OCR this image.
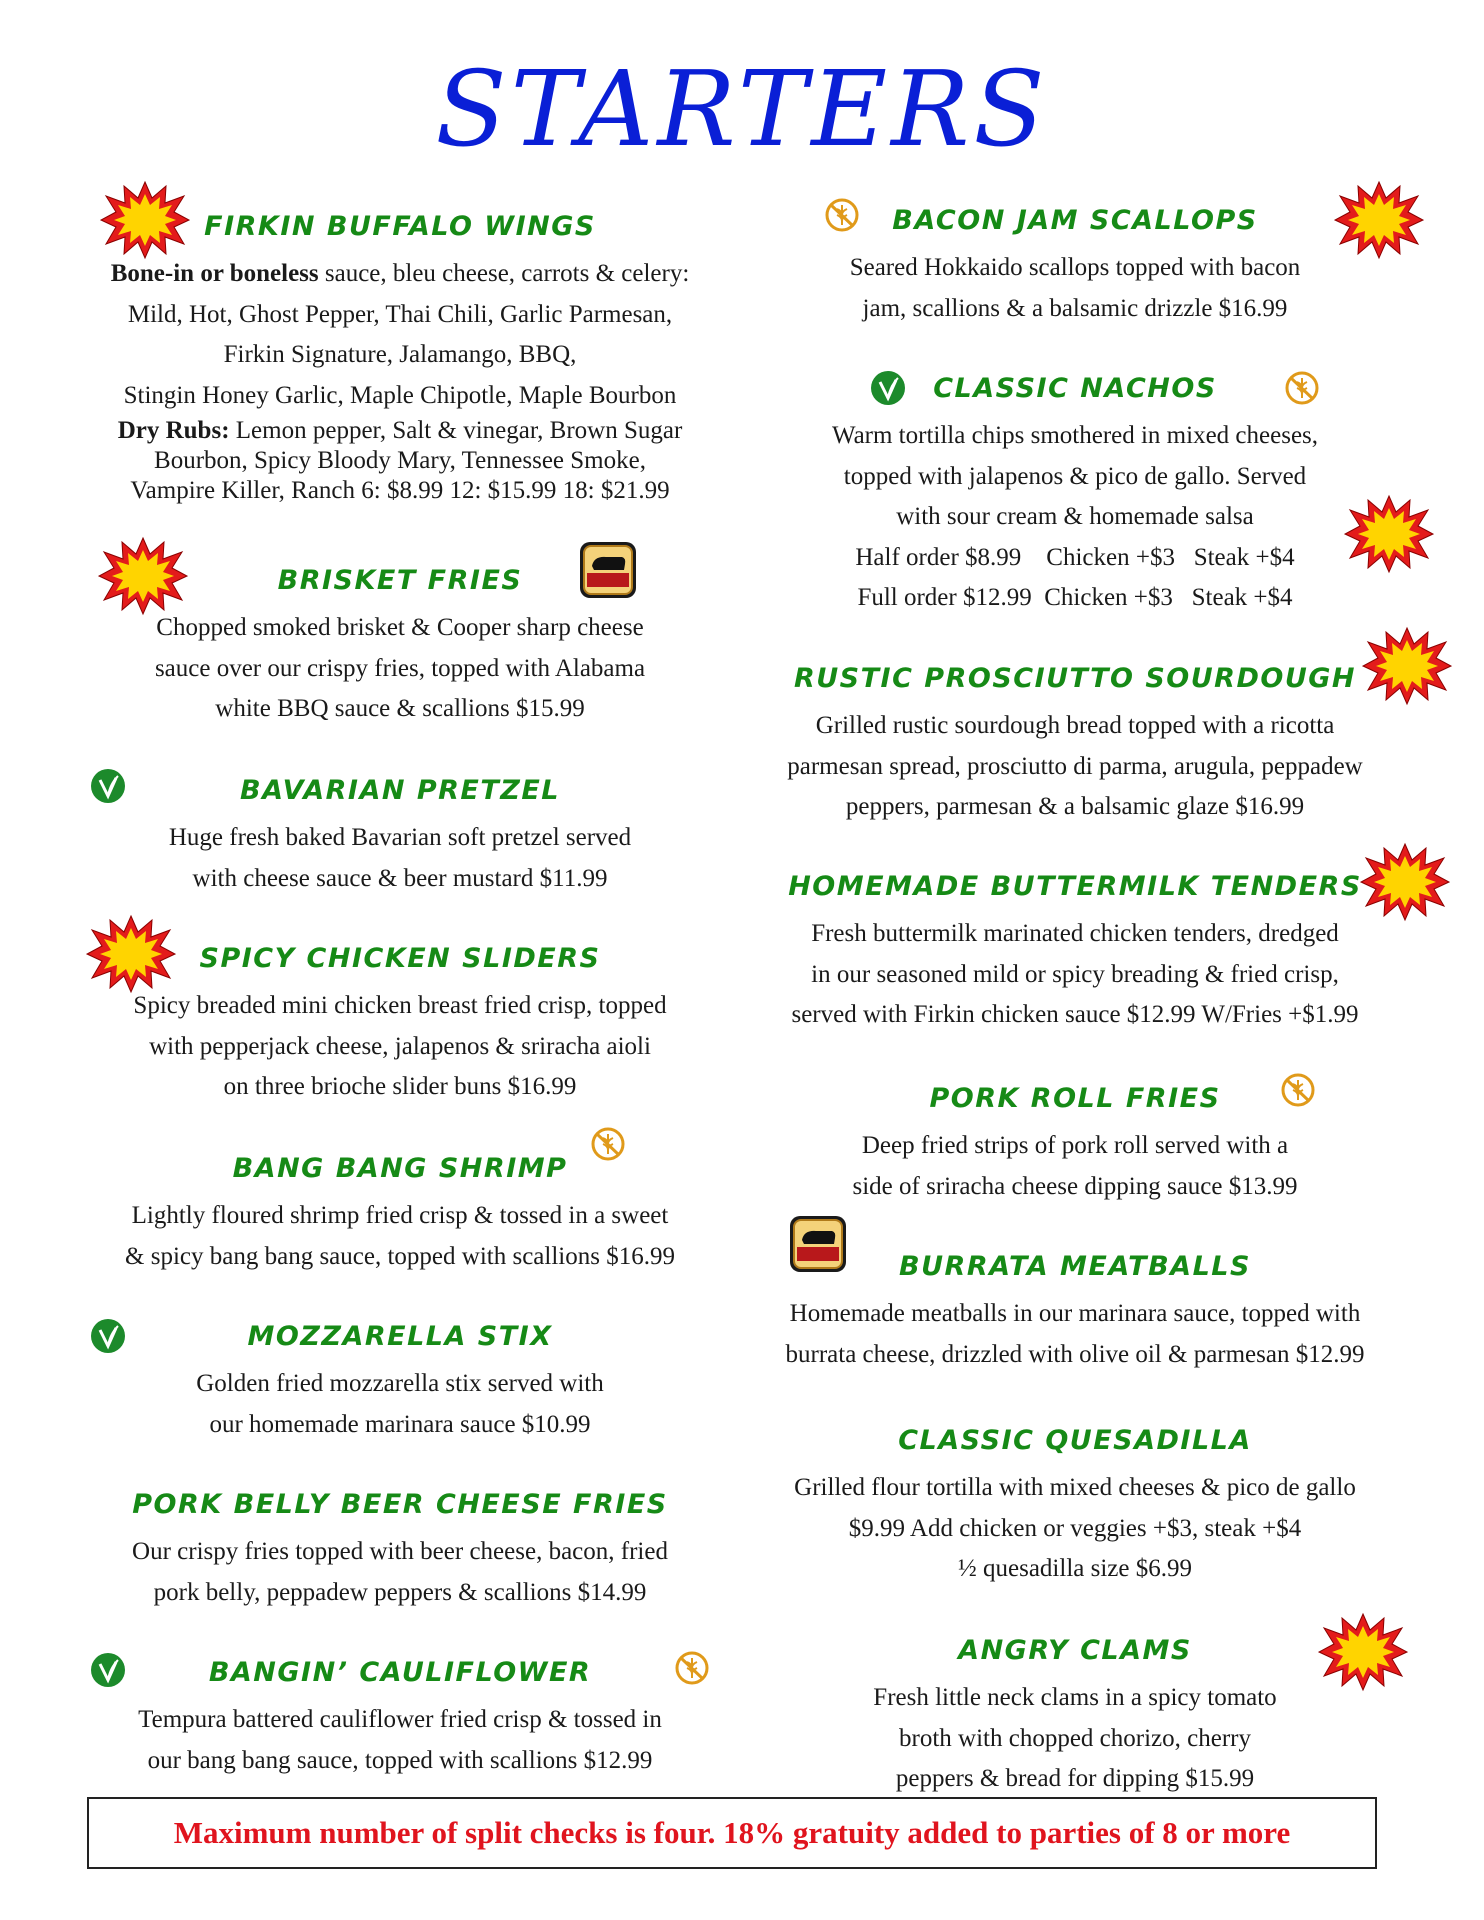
STARTERS
FIRKIN BUFFALO WINGS
Bone-in or boneless sauce, bleu cheese, carrots & celery:
Mild, Hot, Ghost Pepper, Thai Chili, Garlic Parmesan,
Firkin Signature, Jalamango, BBQ,
Stingin Honey Garlic, Maple Chipotle, Maple Bourbon
Dry Rubs: Lemon pepper, Salt & vinegar, Brown Sugar
Bourbon, Spicy Bloody Mary, Tennessee Smoke,
Vampire Killer, Ranch 6: $8.99 12: $15.99 18: $21.99
BRISKET FRIES
Chopped smoked brisket & Cooper sharp cheese
sauce over our crispy fries, topped with Alabama
white BBQ sauce & scallions $15.99
BAVARIAN PRETZEL
Huge fresh baked Bavarian soft pretzel served
with cheese sauce & beer mustard $11.99
SPICY CHICKEN SLIDERS
Spicy breaded mini chicken breast fried crisp, topped
with pepperjack cheese, jalapenos & sriracha aioli
on three brioche slider buns $16.99
BANG BANG SHRIMP
Lightly floured shrimp fried crisp & tossed in a sweet
& spicy bang bang sauce, topped with scallions $16.99
MOZZARELLA STIX
Golden fried mozzarella stix served with
our homemade marinara sauce $10.99
PORK BELLY BEER CHEESE FRIES
Our crispy fries topped with beer cheese, bacon, fried
pork belly, peppadew peppers & scallions $14.99
BANGIN’ CAULIFLOWER
Tempura battered cauliflower fried crisp & tossed in
our bang bang sauce, topped with scallions $12.99
BACON JAM SCALLOPS
Seared Hokkaido scallops topped with bacon
jam, scallions & a balsamic drizzle $16.99
CLASSIC NACHOS
Warm tortilla chips smothered in mixed cheeses,
topped with jalapenos & pico de gallo. Served
with sour cream & homemade salsa
Half order $8.99    Chicken +$3   Steak +$4
Full order $12.99  Chicken +$3   Steak +$4
RUSTIC PROSCIUTTO SOURDOUGH
Grilled rustic sourdough bread topped with a ricotta
parmesan spread, prosciutto di parma, arugula, peppadew
peppers, parmesan & a balsamic glaze $16.99
HOMEMADE BUTTERMILK TENDERS
Fresh buttermilk marinated chicken tenders, dredged
in our seasoned mild or spicy breading & fried crisp,
served with Firkin chicken sauce $12.99 W/Fries +$1.99
PORK ROLL FRIES
Deep fried strips of pork roll served with a
side of sriracha cheese dipping sauce $13.99
BURRATA MEATBALLS
Homemade meatballs in our marinara sauce, topped with
burrata cheese, drizzled with olive oil & parmesan $12.99
CLASSIC QUESADILLA
Grilled flour tortilla with mixed cheeses & pico de gallo
$9.99 Add chicken or veggies +$3, steak +$4
½ quesadilla size $6.99
ANGRY CLAMS
Fresh little neck clams in a spicy tomato
broth with chopped chorizo, cherry
peppers & bread for dipping $15.99
Maximum number of split checks is four. 18% gratuity added to parties of 8 or more
